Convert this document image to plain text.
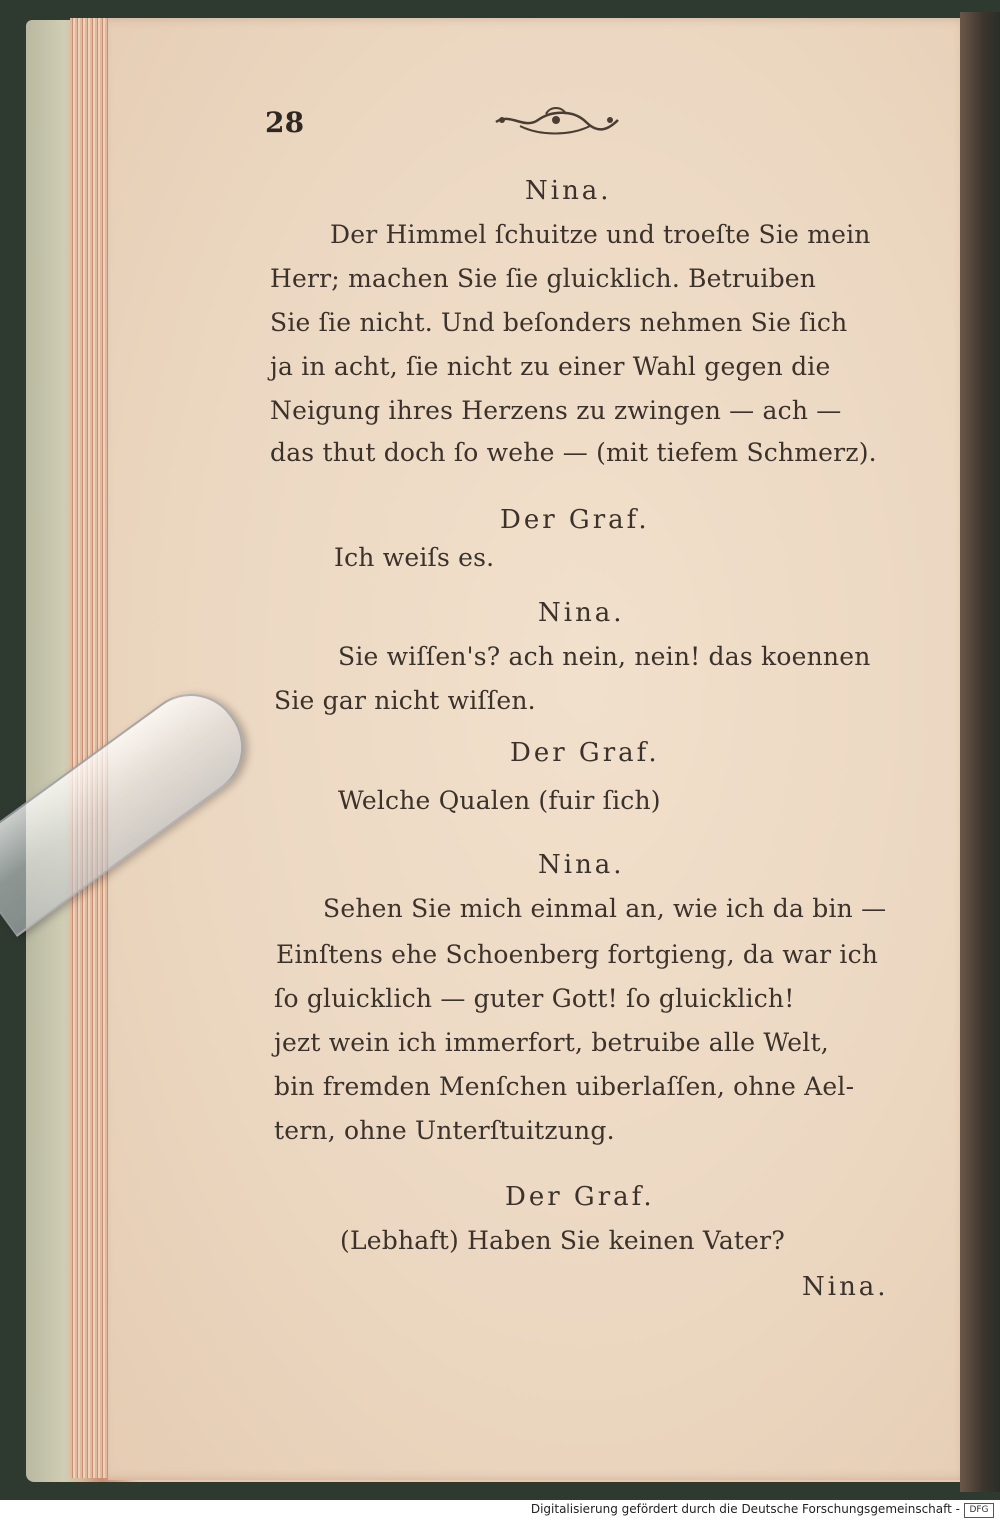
28
Nina.
Der Himmel ſchuitze und troeſte Sie mein
Herr; machen Sie ſie gluicklich. Betruiben
Sie ſie nicht. Und beſonders nehmen Sie ſich
ja in acht, ſie nicht zu einer Wahl gegen die
Neigung ihres Herzens zu zwingen — ach —
das thut doch ſo wehe — (mit tiefem Schmerz).
Der Graf.
Ich weiſs es.
Nina.
Sie wiſſen's? ach nein, nein! das koennen
Sie gar nicht wiſſen.
Der Graf.
Welche Qualen (fuir ſich)
Nina.
Sehen Sie mich einmal an, wie ich da bin —
Einſtens ehe Schoenberg fortgieng, da war ich
ſo gluicklich — guter Gott! ſo gluicklich!
jezt wein ich immerfort, betruibe alle Welt,
bin fremden Menſchen uiberlaſſen, ohne Ael-
tern, ohne Unterſtuitzung.
Der Graf.
(Lebhaft) Haben Sie keinen Vater?
Nina.
Digitalisierung gefördert durch die Deutsche Forschungsgemeinschaft -	DFG
